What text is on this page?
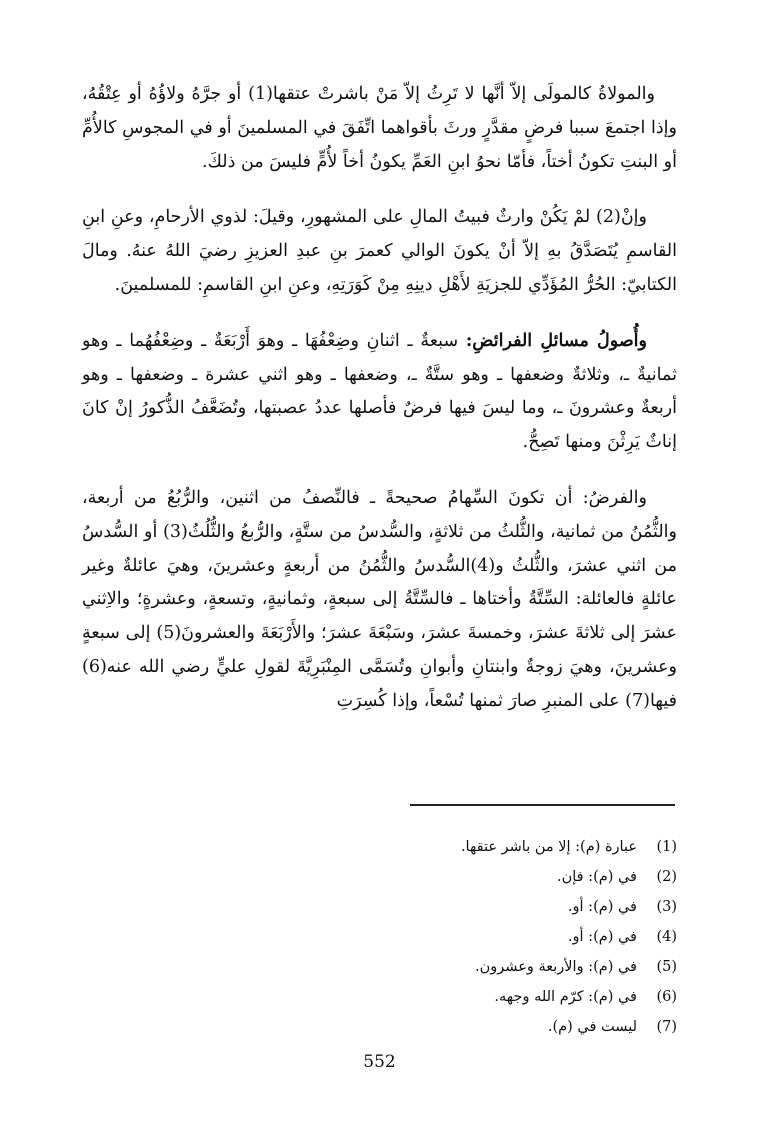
والمولاةُ كالمولَى إلاّ أنَّها لا تَرِثُ إلاّ مَنْ باشرتْ عتقها(1) أو جرَّهُ ولاؤُهُ أو عِتْقُهُ، وإذا اجتمعَ سببا فرضٍ مقدَّرٍ ورثَ بأقواهما اتِّفَقَ في المسلمينَ أو في المجوسِ كالأُمِّ أو البنتِ تكونُ أختاً، فأمّا نحوُ ابنِ العَمِّ يكونُ أخاً لأُمٍّ فليسَ من ذلكَ.

وإنْ(2) لمْ يَكُنْ وارثٌ فبيتُ المالِ على المشهورِ، وقيلَ: لذوي الأرحامِ، وعنِ ابنِ القاسمِ يُتَصَدَّقُ بهِ إلاّ أنْ يكونَ الوالي كعمرَ بنِ عبدِ العزيزِ رضيَ اللهُ عنهُ. ومالَ الكتابيّ: الحُرُّ المُؤَدِّي للجزيَةِ لأَهْلِ دينِهِ مِنْ كَوَرَتِهِ، وعنِ ابنِ القاسمِ: للمسلمينَ.

وأُصولُ مسائلِ الفرائضِ: سبعةٌ ـ اثنانِ وضِعْفُهَا ـ وهوَ أَرْبَعَةٌ ـ وضِعْفُهُما ـ وهو ثمانيةٌ ـ، وثلاثةٌ وضعفها ـ وهو ستَّةٌ ـ، وضعفها ـ وهو اثني عشرة ـ وضعفها ـ وهو أربعةٌ وعشرونَ ـ، وما ليسَ فيها فرضٌ فأصلها عددُ عصبتها، وتُضَعَّفُ الذُّكورُ إنْ كانَ إناثٌ يَرِثْنَ ومنها تَصِحُّ.

والفرضُ: أن تكونَ السِّهامُ صحيحةً ـ فالنِّصفُ من اثنين، والرُّبُعُ من أربعة، والثُّمُنُ من ثمانية، والثُّلثُ من ثلاثةٍ، والسُّدسُ من ستَّةٍ، والرُّبعُ والثُّلُثُ(3) أو السُّدسُ من اثني عشرَ، والثُّلثُ و(4)السُّدسُ والثُّمُنُ من أربعةٍ وعشرينَ، وهيَ عائلةٌ وغير عائلةٍ فالعائلة: السِّتَّةُ وأختاها ـ فالسِّتَّةُ إلى سبعةٍ، وثمانيةٍ، وتسعةٍ، وعشرةٍ؛ والاِثني عشرَ إلى ثلاثةَ عشرَ، وخمسةَ عشرَ، وسَبْعَةَ عشرَ؛ والأَرْبَعَةَ والعشرونَ(5) إلى سبعةٍ وعشرينَ، وهيَ زوجةٌ وابنتانِ وأبوانِ وتُسَمَّى المِنْبَرِيَّةَ لقولِ عليٍّ رضي الله عنه(6) فيها(7) على المنبرِ صارَ ثمنها تُسْعاً، وإذا كُسِرَتِ

(1)عبارة (م): إلا من باشر عتقها.
(2)في (م): فإن.
(3)في (م): أو.
(4)في (م): أو.
(5)في (م): والأربعة وعشرون.
(6)في (م): كرّم الله وجهه.
(7)ليست في (م).
552
